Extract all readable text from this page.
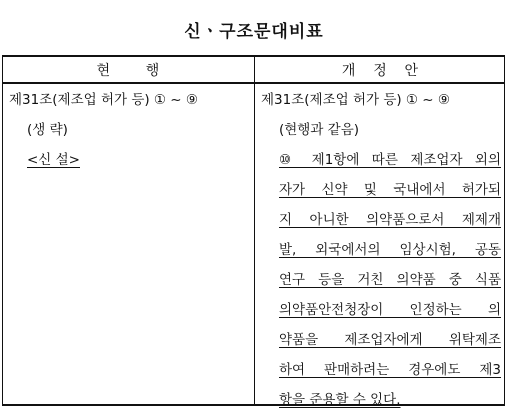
신ㆍ구조문대비표
현        행	개    정    안
제31조(제조업 허가 등) ① ~ ⑨
(생 략)
<신 설>
제31조(제조업 허가 등) ① ~ ⑨
(현행과 같음)
⑩ 제1항에 따른 제조업자 외의
자가 신약 및 국내에서 허가되
지 아니한 의약품으로서 제제개
발, 외국에서의 임상시험, 공동
연구 등을 거친 의약품 중 식품
의약품안전청장이 인정하는 의
약품을 제조업자에게 위탁제조
하여 판매하려는 경우에도 제3
항을 준용할 수 있다.
